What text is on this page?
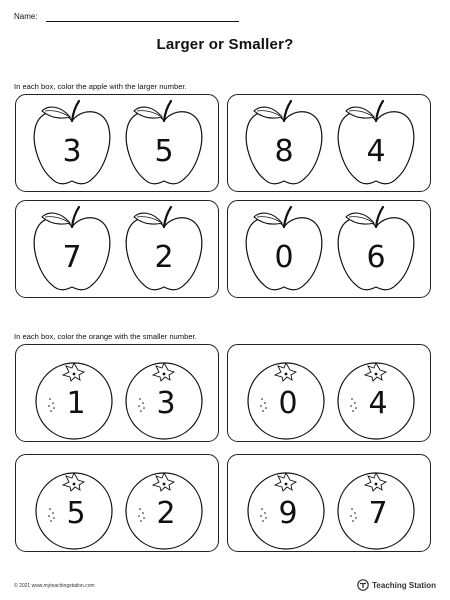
Name:
Larger or Smaller?
In each box, color the apple with the larger number.
3 5	8 4
7 2	0 6
In each box, color the orange with the smaller number.
1 3	0 4
5 2	9 7
© 2021 www.myteachingstation.com	Teaching Station
